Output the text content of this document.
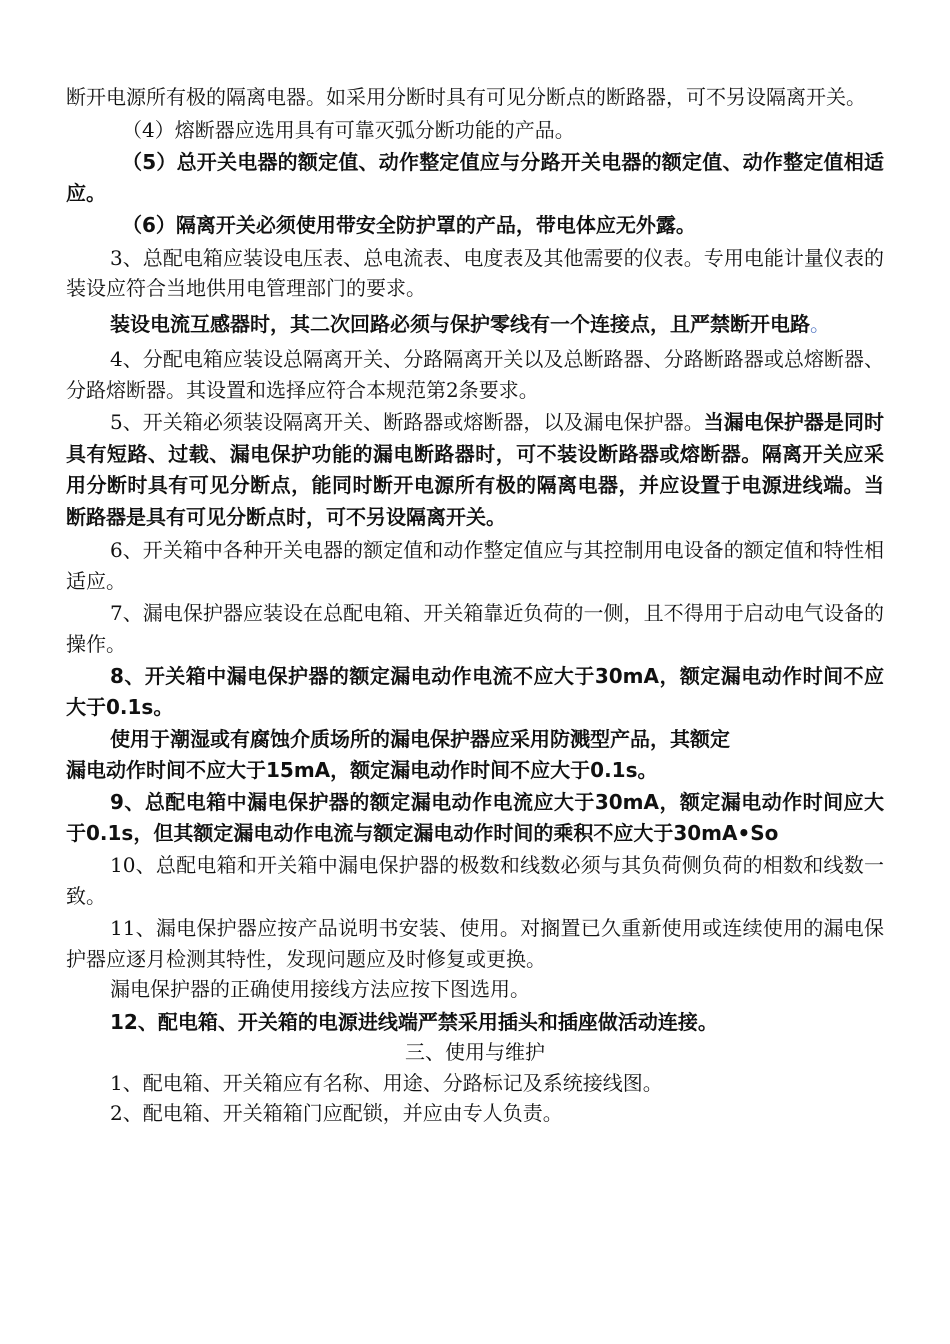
断开电源所有极的隔离电器。如采用分断时具有可见分断点的断路器，可不另设隔离开关。

（4）熔断器应选用具有可靠灭弧分断功能的产品。

（5）总开关电器的额定值、动作整定值应与分路开关电器的额定值、动作整定值相适应。

（6）隔离开关必须使用带安全防护罩的产品，带电体应无外露。

3、总配电箱应装设电压表、总电流表、电度表及其他需要的仪表。专用电能计量仪表的装设应符合当地供用电管理部门的要求。

装设电流互感器时，其二次回路必须与保护零线有一个连接点，且严禁断开电路。

4、分配电箱应装设总隔离开关、分路隔离开关以及总断路器、分路断路器或总熔断器、分路熔断器。其设置和选择应符合本规范第2条要求。

5、开关箱必须装设隔离开关、断路器或熔断器，以及漏电保护器。当漏电保护器是同时具有短路、过载、漏电保护功能的漏电断路器时，可不装设断路器或熔断器。隔离开关应采用分断时具有可见分断点，能同时断开电源所有极的隔离电器，并应设置于电源进线端。当断路器是具有可见分断点时，可不另设隔离开关。

6、开关箱中各种开关电器的额定值和动作整定值应与其控制用电设备的额定值和特性相适应。

7、漏电保护器应装设在总配电箱、开关箱靠近负荷的一侧，且不得用于启动电气设备的操作。

8、开关箱中漏电保护器的额定漏电动作电流不应大于30mA，额定漏电动作时间不应大于0.1s。

使用于潮湿或有腐蚀介质场所的漏电保护器应采用防溅型产品，其额定

漏电动作时间不应大于15mA，额定漏电动作时间不应大于0.1s。

9、总配电箱中漏电保护器的额定漏电动作电流应大于30mA，额定漏电动作时间应大于0.1s，但其额定漏电动作电流与额定漏电动作时间的乘积不应大于30mA•So

10、总配电箱和开关箱中漏电保护器的极数和线数必须与其负荷侧负荷的相数和线数一致。

11、漏电保护器应按产品说明书安装、使用。对搁置已久重新使用或连续使用的漏电保护器应逐月检测其特性，发现问题应及时修复或更换。

漏电保护器的正确使用接线方法应按下图选用。

12、配电箱、开关箱的电源进线端严禁采用插头和插座做活动连接。

三、使用与维护

1、配电箱、开关箱应有名称、用途、分路标记及系统接线图。

2、配电箱、开关箱箱门应配锁，并应由专人负责。
